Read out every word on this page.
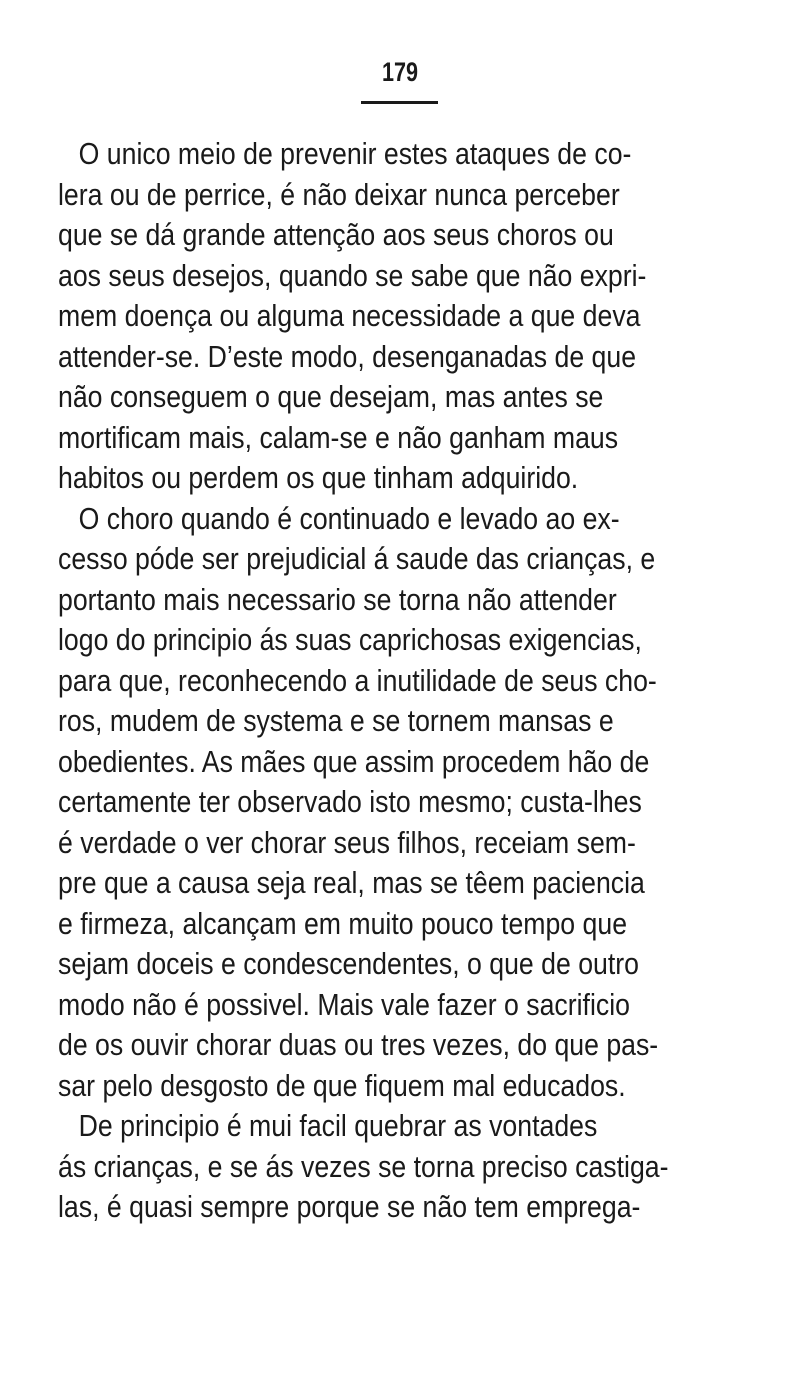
179
O unico meio de prevenir estes ataques de co-
lera ou de perrice, é não deixar nunca perceber
que se dá grande attenção aos seus choros ou
aos seus desejos, quando se sabe que não expri-
mem doença ou alguma necessidade a que deva
attender-se. D’este modo, desenganadas de que
não conseguem o que desejam, mas antes se
mortificam mais, calam-se e não ganham maus
habitos ou perdem os que tinham adquirido.
O choro quando é continuado e levado ao ex-
cesso póde ser prejudicial á saude das crianças, e
portanto mais necessario se torna não attender
logo do principio ás suas caprichosas exigencias,
para que, reconhecendo a inutilidade de seus cho-
ros, mudem de systema e se tornem mansas e
obedientes. As mães que assim procedem hão de
certamente ter observado isto mesmo; custa-lhes
é verdade o ver chorar seus filhos, receiam sem-
pre que a causa seja real, mas se têem paciencia
e firmeza, alcançam em muito pouco tempo que
sejam doceis e condescendentes, o que de outro
modo não é possivel. Mais vale fazer o sacrificio
de os ouvir chorar duas ou tres vezes, do que pas-
sar pelo desgosto de que fiquem mal educados.
De principio é mui facil quebrar as vontades
ás crianças, e se ás vezes se torna preciso castiga-
las, é quasi sempre porque se não tem emprega-
